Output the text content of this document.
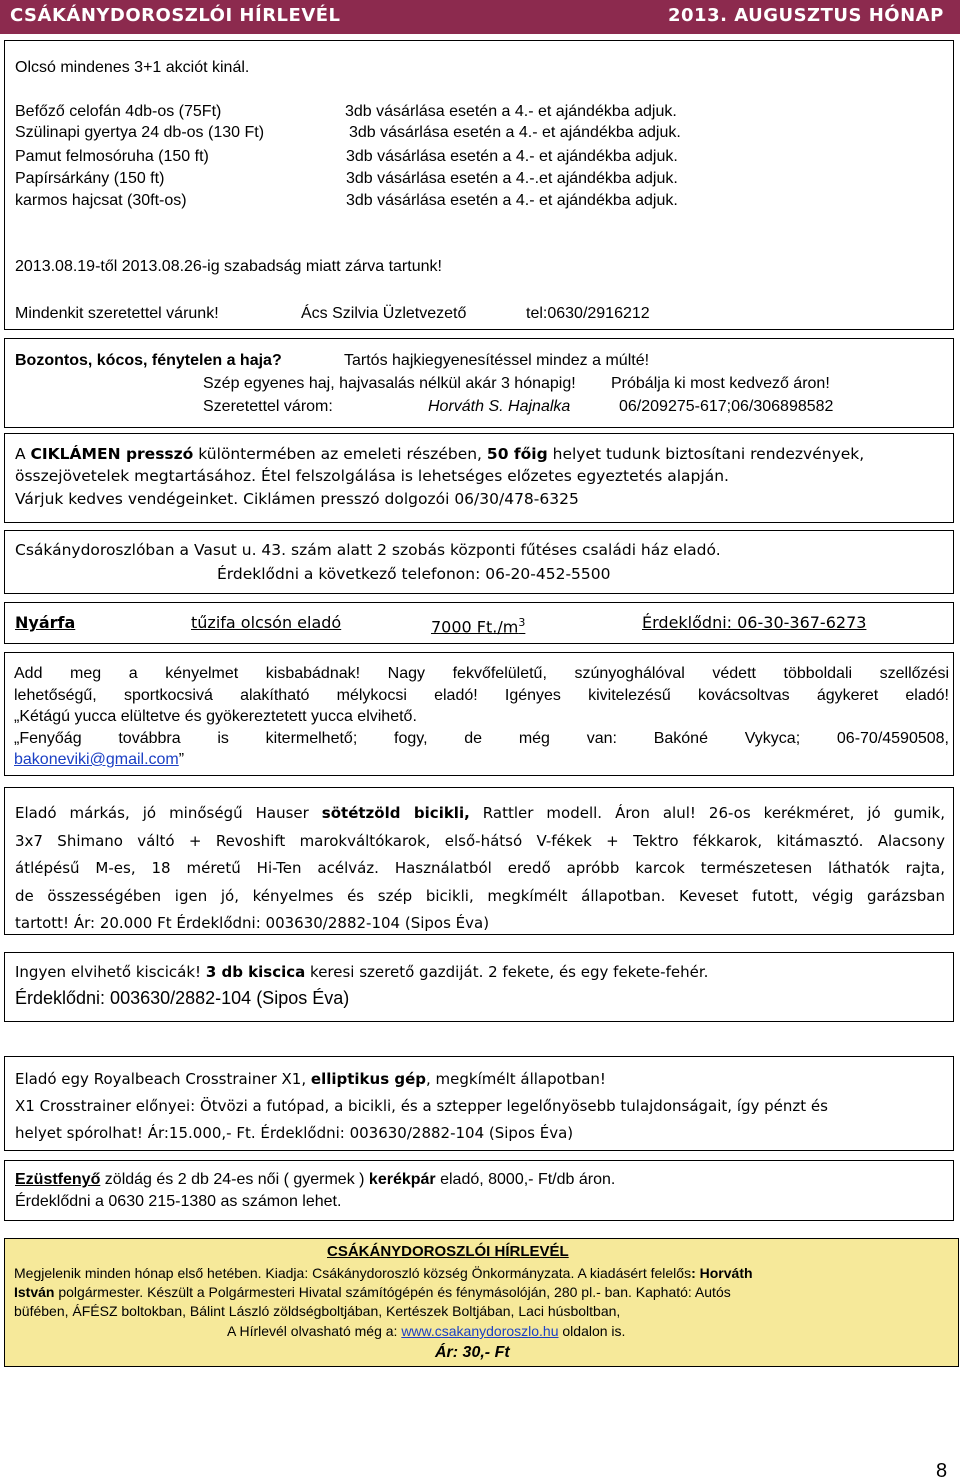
CSÁKÁNYDOROSZLÓI HÍRLEVÉL	2013. AUGUSZTUS HÓNAP
Olcsó mindenes 3+1 akciót kinál.
Befőző celofán 4db-os (75Ft)	3db vásárlása esetén a 4.- et ajándékba adjuk.
Szülinapi gyertya 24 db-os (130 Ft)	3db vásárlása esetén a 4.- et ajándékba adjuk.
Pamut felmosóruha (150 ft)	3db vásárlása esetén a 4.- et ajándékba adjuk.
Papírsárkány (150 ft)	3db vásárlása esetén a 4.-.et ajándékba adjuk.
karmos hajcsat (30ft-os)	3db vásárlása esetén a 4.- et ajándékba adjuk.
2013.08.19-től 2013.08.26-ig szabadság miatt zárva tartunk!
Mindenkit szeretettel várunk!	Ács Szilvia Üzletvezető	tel:0630/2916212
Bozontos, kócos, fénytelen a haja?	Tartós hajkiegyenesítéssel mindez a múlté!
Szép egyenes haj, hajvasalás nélkül akár 3 hónapig! Próbálja ki most kedvező áron!
Szeretettel várom:	Horváth S. Hajnalka	06/209275-617;06/306898582
A CIKLÁMEN presszó különtermében az emeleti részében, 50 főig helyet tudunk biztosítani rendezvények,
összejövetelek megtartásához. Étel felszolgálása is lehetséges előzetes egyeztetés alapján.
Várjuk kedves vendégeinket. Ciklámen presszó dolgozói 06/30/478-6325
Csákánydoroszlóban a Vasut u. 43. szám alatt 2 szobás központi fűtéses családi ház eladó.
Érdeklődni a következő telefonon: 06-20-452-5500
Nyárfa	tűzifa olcsón eladó	7000 $Ft./m^3$	Érdeklődni: 06-30-367-6273
Add meg a kényelmet kisbabádnak! Nagy fekvőfelületű, szúnyoghálóval védett többoldali szellőzési
lehetőségű, sportkocsivá alakítható mélykocsi eladó! Igényes kivitelezésű kovácsoltvas ágykeret eladó!
„Kétágú yucca elültetve és gyökereztetett yucca elvihető.
„Fenyőág továbbra is kitermelhető; fogy, de még van: Bakóné Vykyca; 06-70/4590508,
bakoneviki@gmail.com”
Eladó márkás, jó minőségű Hauser sötétzöld bicikli, Rattler modell. Áron alul! 26-os kerékméret, jó gumik,
3x7 Shimano váltó + Revoshift marokváltókarok, első-hátsó V-fékek + Tektro fékkarok, kitámasztó. Alacsony
átlépésű M-es, 18 méretű Hi-Ten acélváz. Használatból eredő apróbb karcok természetesen láthatók rajta,
de összességében igen jó, kényelmes és szép bicikli, megkímélt állapotban. Keveset futott, végig garázsban
tartott! Ár: 20.000 Ft Érdeklődni: 003630/2882-104 (Sipos Éva)
Ingyen elvihető kiscicák! 3 db kiscica keresi szerető gazdiját. 2 fekete, és egy fekete-fehér.
Érdeklődni: 003630/2882-104 (Sipos Éva)
Eladó egy Royalbeach Crosstrainer X1, elliptikus gép, megkímélt állapotban!
X1 Crosstrainer előnyei: Ötvözi a futópad, a bicikli, és a sztepper legelőnyösebb tulajdonságait, így pénzt és
helyet spórolhat! Ár:15.000,- Ft. Érdeklődni: 003630/2882-104 (Sipos Éva)
Ezüstfenyő zöldág és 2 db 24-es női ( gyermek ) kerékpár eladó, 8000,- Ft/db áron.
Érdeklődni a 0630 215-1380 as számon lehet.
CSÁKÁNYDOROSZLÓI HÍRLEVÉL
Megjelenik minden hónap első hetében. Kiadja: Csákánydoroszló község Önkormányzata. A kiadásért felelős: Horváth
István polgármester. Készült a Polgármesteri Hivatal számítógépén és fénymásolóján, 280 pl.- ban. Kapható: Autós
büfében, ÁFÉSZ boltokban, Bálint László zöldségboltjában, Kertészek Boltjában, Laci húsboltban,
A Hírlevél olvasható még a: www.csakanydoroszlo.hu oldalon is.
Ár: 30,- Ft
8
